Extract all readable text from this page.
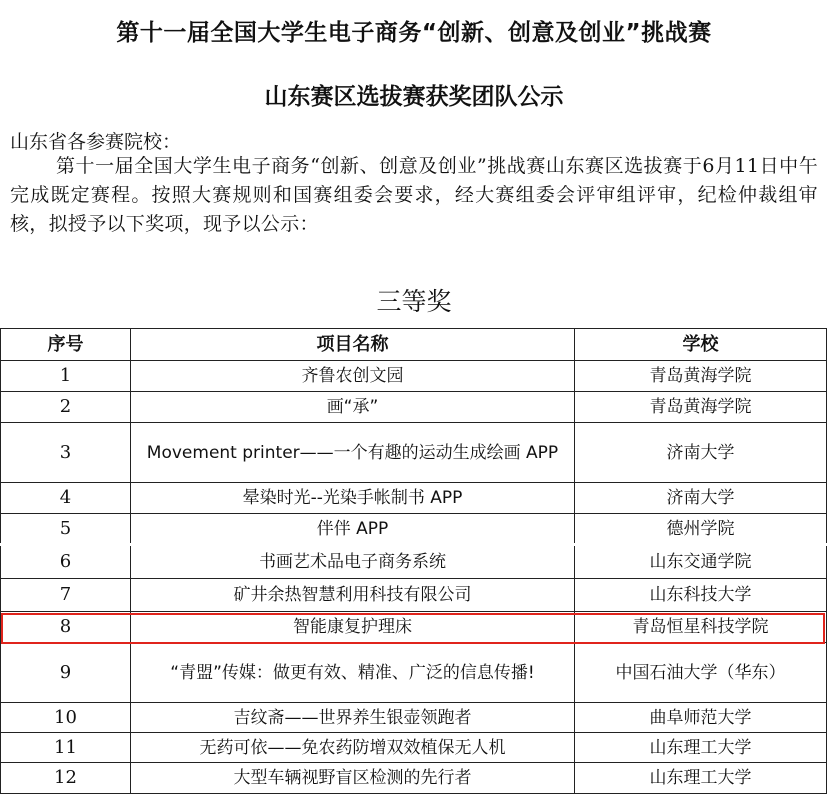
第十一届全国大学生电子商务“创新、创意及创业”挑战赛
山东赛区选拔赛获奖团队公示
山东省各参赛院校：
第十一届全国大学生电子商务“创新、创意及创业”挑战赛山东赛区选拔赛于6月11日中午完成既定赛程。按照大赛规则和国赛组委会要求，经大赛组委会评审组评审，纪检仲裁组审核，拟授予以下奖项，现予以公示：
三等奖
序号	项目名称	学校
1	齐鲁农创文园	青岛黄海学院
2	画“承”	青岛黄海学院
3	Movement printer——一个有趣的运动生成绘画 APP	济南大学
4	晕染时光--光染手帐制书 APP	济南大学
5	伴伴 APP	德州学院
6	书画艺术品电子商务系统	山东交通学院
7	矿井余热智慧利用科技有限公司	山东科技大学
8	智能康复护理床	青岛恒星科技学院
9	“青盟”传媒：做更有效、精准、广泛的信息传播!	中国石油大学（华东）
10	吉纹斋——世界养生银壶领跑者	曲阜师范大学
11	无药可依——免农药防增双效植保无人机	山东理工大学
12	大型车辆视野盲区检测的先行者	山东理工大学
